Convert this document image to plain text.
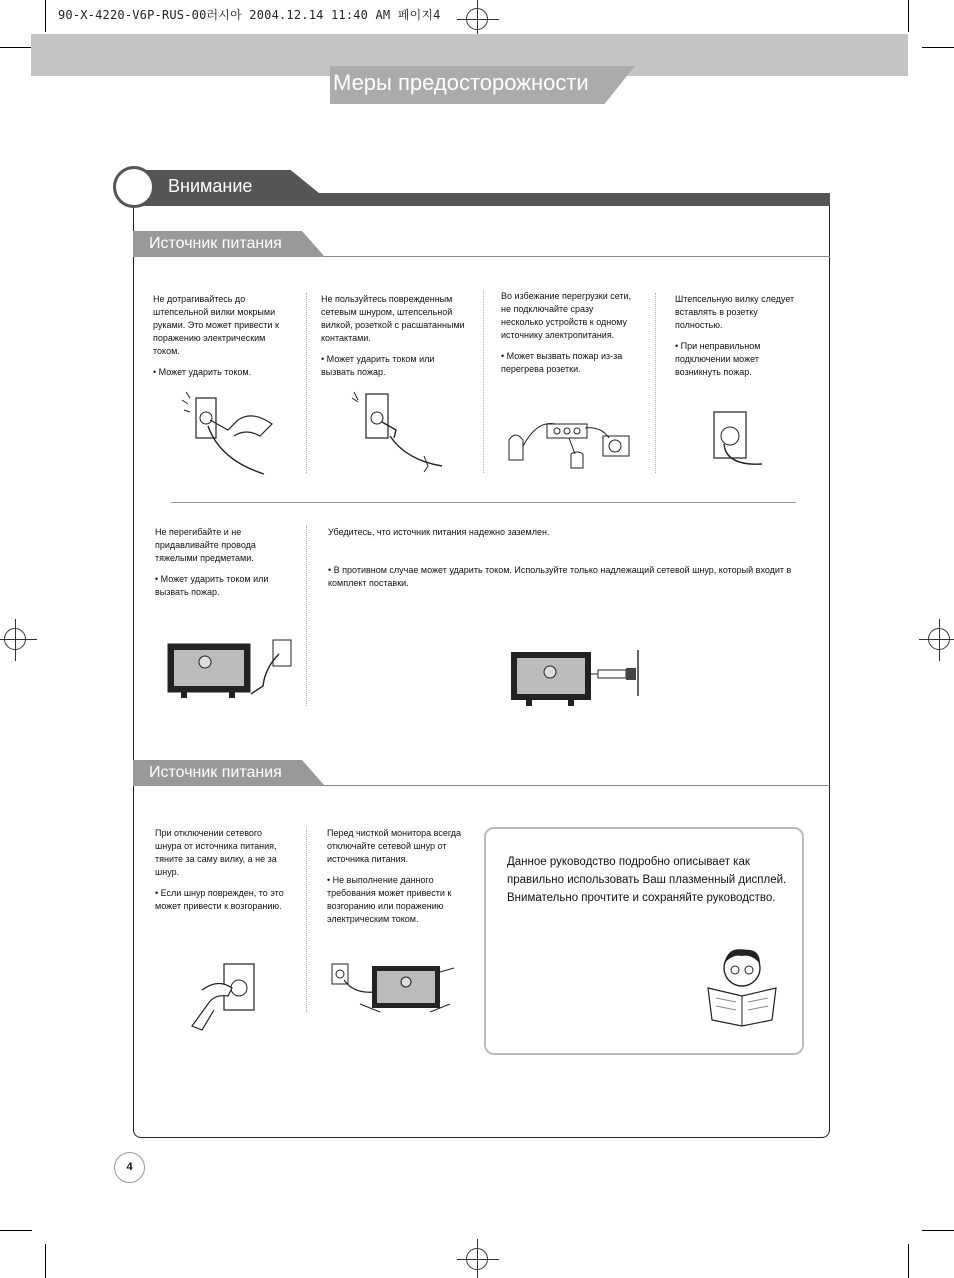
90-X-4220-V6P-RUS-00러시아 2004.12.14 11:40 AM 페이지4
Меры предосторожности
Внимание
Источник питания

Не дотрагивайтесь до штепсельной вилки мокрыми руками. Это может привести к поражению электрическим током.

• Может ударить током.

Не пользуйтесь поврежденным сетевым шнуром, штепсельной вилкой, розеткой с расшатанными контактами.

• Может ударить током или вызвать пожар.

Во избежание перегрузки сети, не подключайте сразу несколько устройств к одному источнику электропитания.

• Может вызвать пожар из-за перегрева розетки.

Штепсельную вилку следует вставлять в розетку полностью.

• При неправильном подключении может возникнуть пожар.

Не перегибайте и не придавливайте провода тяжелыми предметами.

• Может ударить током или вызвать пожар.

Убедитесь, что источник питания надежно заземлен.

• В противном случае может ударить током. Используйте только надлежащий сетевой шнур, который входит в комплект поставки.

Источник питания

При отключении сетевого шнура от источника питания, тяните за саму вилку, а не за шнур.

• Если шнур поврежден, то это может привести к возгоранию.

Перед чисткой монитора всегда отключайте сетевой шнур от источника питания.

• Не выполнение данного требования может привести к возгоранию или поражению электрическим током.

Данное руководство подробно описывает как правильно использовать Ваш плазменный дисплей. Внимательно прочтите и сохраняйте руководство.
4
